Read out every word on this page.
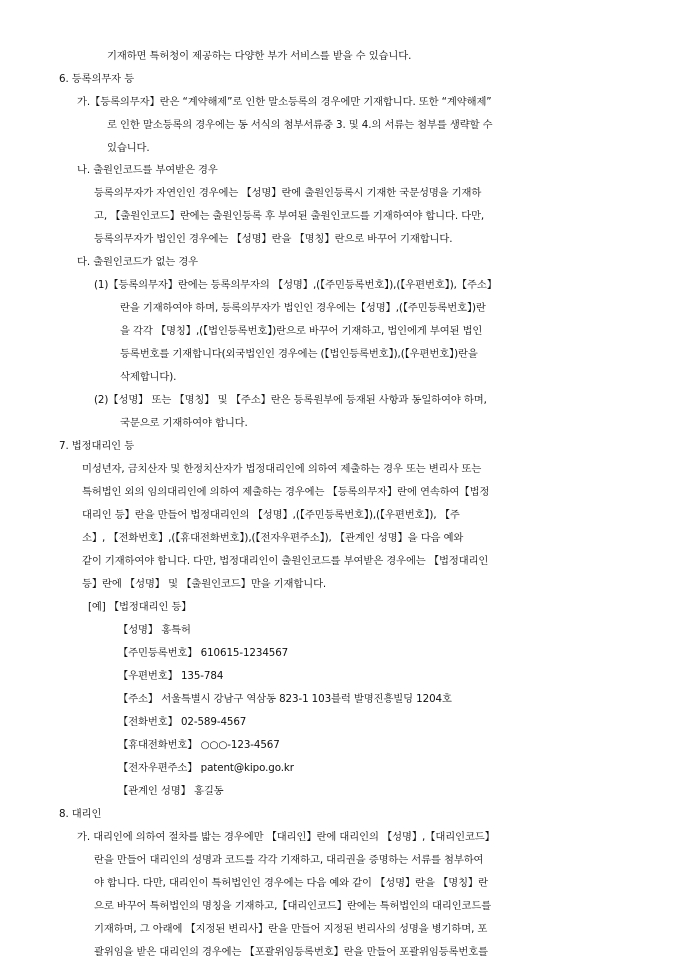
기재하면 특허청이 제공하는 다양한 부가 서비스를 받을 수 있습니다.
6. 등록의무자 등
가.【등록의무자】란은 “계약해제”로 인한 말소등록의 경우에만 기재합니다. 또한 “계약해제”
로 인한 말소등록의 경우에는 동 서식의 첨부서류중 3. 및 4.의 서류는 첨부를 생략할 수
있습니다.
나. 출원인코드를 부여받은 경우
등록의무자가 자연인인 경우에는 【성명】란에 출원인등록시 기재한 국문성명을 기재하
고, 【출원인코드】란에는 출원인등록 후 부여된 출원인코드를 기재하여야 합니다. 다만,
등록의무자가 법인인 경우에는 【성명】란을 【명칭】란으로 바꾸어 기재합니다.
다. 출원인코드가 없는 경우
(1)【등록의무자】란에는 등록의무자의 【성명】,(【주민등록번호】),(【우편번호】),【주소】
란을 기재하여야 하며, 등록의무자가 법인인 경우에는【성명】,(【주민등록번호】)란
을 각각 【명칭】,(【법인등록번호】)란으로 바꾸어 기재하고, 법인에게 부여된 법인
등록번호를 기재합니다(외국법인인 경우에는 (【법인등록번호】),(【우편번호】)란을
삭제합니다).
(2)【성명】 또는 【명칭】 및 【주소】란은 등록원부에 등재된 사항과 동일하여야 하며,
국문으로 기재하여야 합니다.
7. 법정대리인 등
미성년자, 금치산자 및 한정치산자가 법정대리인에 의하여 제출하는 경우 또는 변리사 또는
특허법인 외의 임의대리인에 의하여 제출하는 경우에는 【등록의무자】란에 연속하여【법정
대리인 등】란을 만들어 법정대리인의 【성명】,(【주민등록번호】),(【우편번호】), 【주
소】, 【전화번호】,(【휴대전화번호】),(【전자우편주소】), 【관계인 성명】을 다음 예와
같이 기재하여야 합니다. 다만, 법정대리인이 출원인코드를 부여받은 경우에는 【법정대리인
등】란에 【성명】 및 【출원인코드】만을 기재합니다.
[예] 【법정대리인 등】
【성명】 홍특허
【주민등록번호】 610615-1234567
【우편번호】 135-784
【주소】 서울특별시 강남구 역삼동 823-1 103블럭 발명진흥빌딩 1204호
【전화번호】 02-589-4567
【휴대전화번호】 ○○○-123-4567
【전자우편주소】 patent@kipo.go.kr
【관계인 성명】 홍길동
8. 대리인
가. 대리인에 의하여 절차를 밟는 경우에만 【대리인】란에 대리인의 【성명】,【대리인코드】
란을 만들어 대리인의 성명과 코드를 각각 기재하고, 대리권을 증명하는 서류를 첨부하여
야 합니다. 다만, 대리인이 특허법인인 경우에는 다음 예와 같이 【성명】란을 【명칭】란
으로 바꾸어 특허법인의 명칭을 기재하고,【대리인코드】란에는 특허법인의 대리인코드를
기재하며, 그 아래에 【지정된 변리사】란을 만들어 지정된 변리사의 성명을 병기하며, 포
괄위임을 받은 대리인의 경우에는 【포괄위임등록번호】란을 만들어 포괄위임등록번호를
